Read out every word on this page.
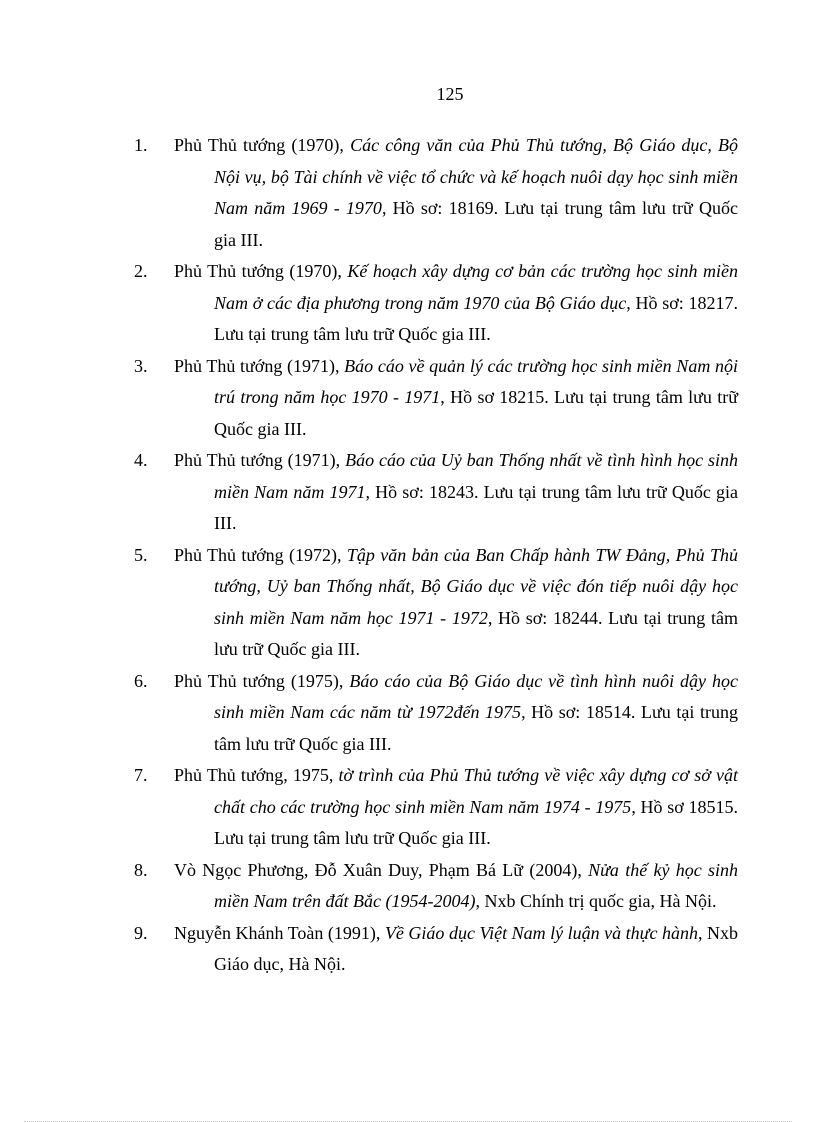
125
1.	Phủ Thủ tướng (1970), Các công văn của Phủ Thủ tướng, Bộ Giáo dục, Bộ Nội vụ, bộ Tài chính về việc tổ chức và kế hoạch nuôi dạy học sinh miền Nam năm 1969 - 1970, Hồ sơ: 18169. Lưu tại trung tâm lưu trữ Quốc gia III.
2.	Phủ Thủ tướng (1970), Kế hoạch xây dựng cơ bản các trường học sinh miền Nam ở các địa phương trong năm 1970 của Bộ Giáo dục, Hồ sơ: 18217. Lưu tại trung tâm lưu trữ Quốc gia III.
3.	Phủ Thủ tướng (1971), Báo cáo về quản lý các trường học sinh miền Nam nội trú trong năm học 1970 - 1971, Hồ sơ 18215. Lưu tại trung tâm lưu trữ Quốc gia III.
4.	Phủ Thủ tướng (1971), Báo cáo của Uỷ ban Thống nhất về tình hình học sinh miền Nam năm 1971, Hồ sơ: 18243. Lưu tại trung tâm lưu trữ Quốc gia III.
5.	Phủ Thủ tướng (1972), Tập văn bản của Ban Chấp hành TW Đảng, Phủ Thủ tướng, Uỷ ban Thống nhất, Bộ Giáo dục về việc đón tiếp nuôi dậy học sinh miền Nam năm học 1971 - 1972, Hồ sơ: 18244. Lưu tại trung tâm lưu trữ Quốc gia III.
6.	Phủ Thủ tướng (1975), Báo cáo của Bộ Giáo dục về tình hình nuôi dậy học sinh miền Nam các năm từ 1972đến 1975, Hồ sơ: 18514. Lưu tại trung tâm lưu trữ Quốc gia III.
7.	Phủ Thủ tướng, 1975, tờ trình của Phủ Thủ tướng về việc xây dựng cơ sở vật chất cho các trường học sinh miền Nam năm 1974 - 1975, Hồ sơ 18515. Lưu tại trung tâm lưu trữ Quốc gia III.
8.	Vò Ngọc Phương, Đỗ Xuân Duy, Phạm Bá Lữ (2004), Nửa thế kỷ học sinh miền Nam trên đất Bắc (1954-2004), Nxb Chính trị quốc gia, Hà Nội.
9.	Nguyễn Khánh Toàn (1991), Về Giáo dục Việt Nam lý luận và thực hành, Nxb Giáo dục, Hà Nội.
